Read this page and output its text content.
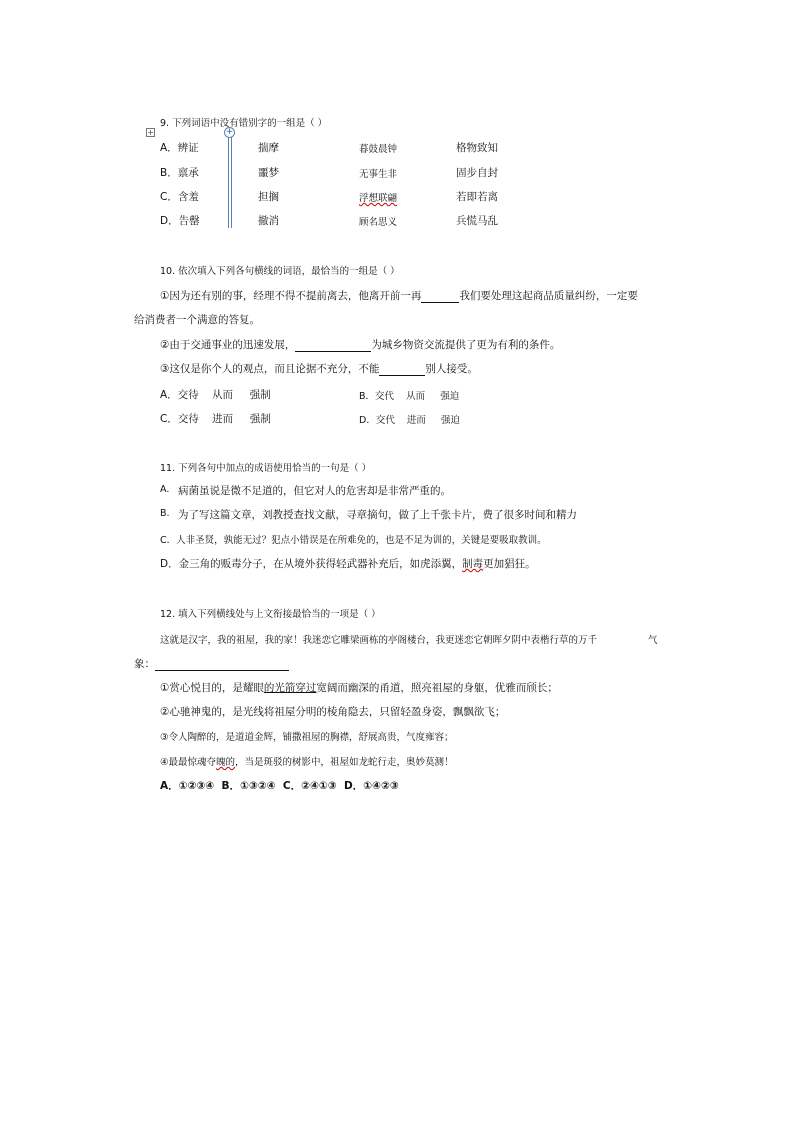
+	+
9. 下列词语中没有错别字的一组是（ ）
A．辨证	揣摩	暮鼓晨钟	格物致知
B．禀承	噩梦	无事生非	固步自封
C．含羞	担搁	浮想联翩	若即若离
D．告罄	撤消	顾名思义	兵慌马乱
10. 依次填入下列各句横线的词语，最恰当的一组是（ ）
①因为还有别的事，经理不得不提前离去，他离开前一再	我们要处理这起商品质量纠纷，一定要
给消费者一个满意的答复。
②由于交通事业的迅速发展，	为城乡物资交流提供了更为有利的条件。
③这仅是你个人的观点，而且论据不充分，不能	别人接受。
A．交待    从而     强制	B．交代    从而     强迫
C．交待    进而     强制	D．交代    进而     强迫
11. 下列各句中加点的成语使用恰当的一句是（ ）
A. 病菌虽说是微不足道的，但它对人的危害却是非常严重的。
B. 为了写这篇文章，刘教授查找文献，寻章摘句，做了上千张卡片，费了很多时间和精力
C．人非圣贤，孰能无过？犯点小错误是在所难免的，也是不足为训的，关键是要吸取教训。
D．金三角的贩毒分子，在从境外获得轻武器补充后，如虎添翼，制毒更加猖狂。
12. 填入下列横线处与上文衔接最恰当的一项是（ ）
这就是汉字，我的祖屋，我的家！我迷恋它雕梁画栋的亭阁楼台，我更迷恋它朝晖夕阴中表楷行草的万千	气
象：
①赏心悦目的，是耀眼的光箭穿过宽阔而幽深的甬道，照亮祖屋的身躯，优雅而颀长；
②心驰神鬼的，是光线将祖屋分明的棱角隐去，只留轻盈身姿，飘飘欲飞；
③令人陶醉的，是道道金辉，铺撒祖屋的胸襟，舒展高贵，气度雍容；
④最最惊魂夺魄的，当是斑驳的树影中，祖屋如龙蛇行走，奥妙莫测！
A．①②③④  B．①③②④  C．②④①③  D．①④②③
